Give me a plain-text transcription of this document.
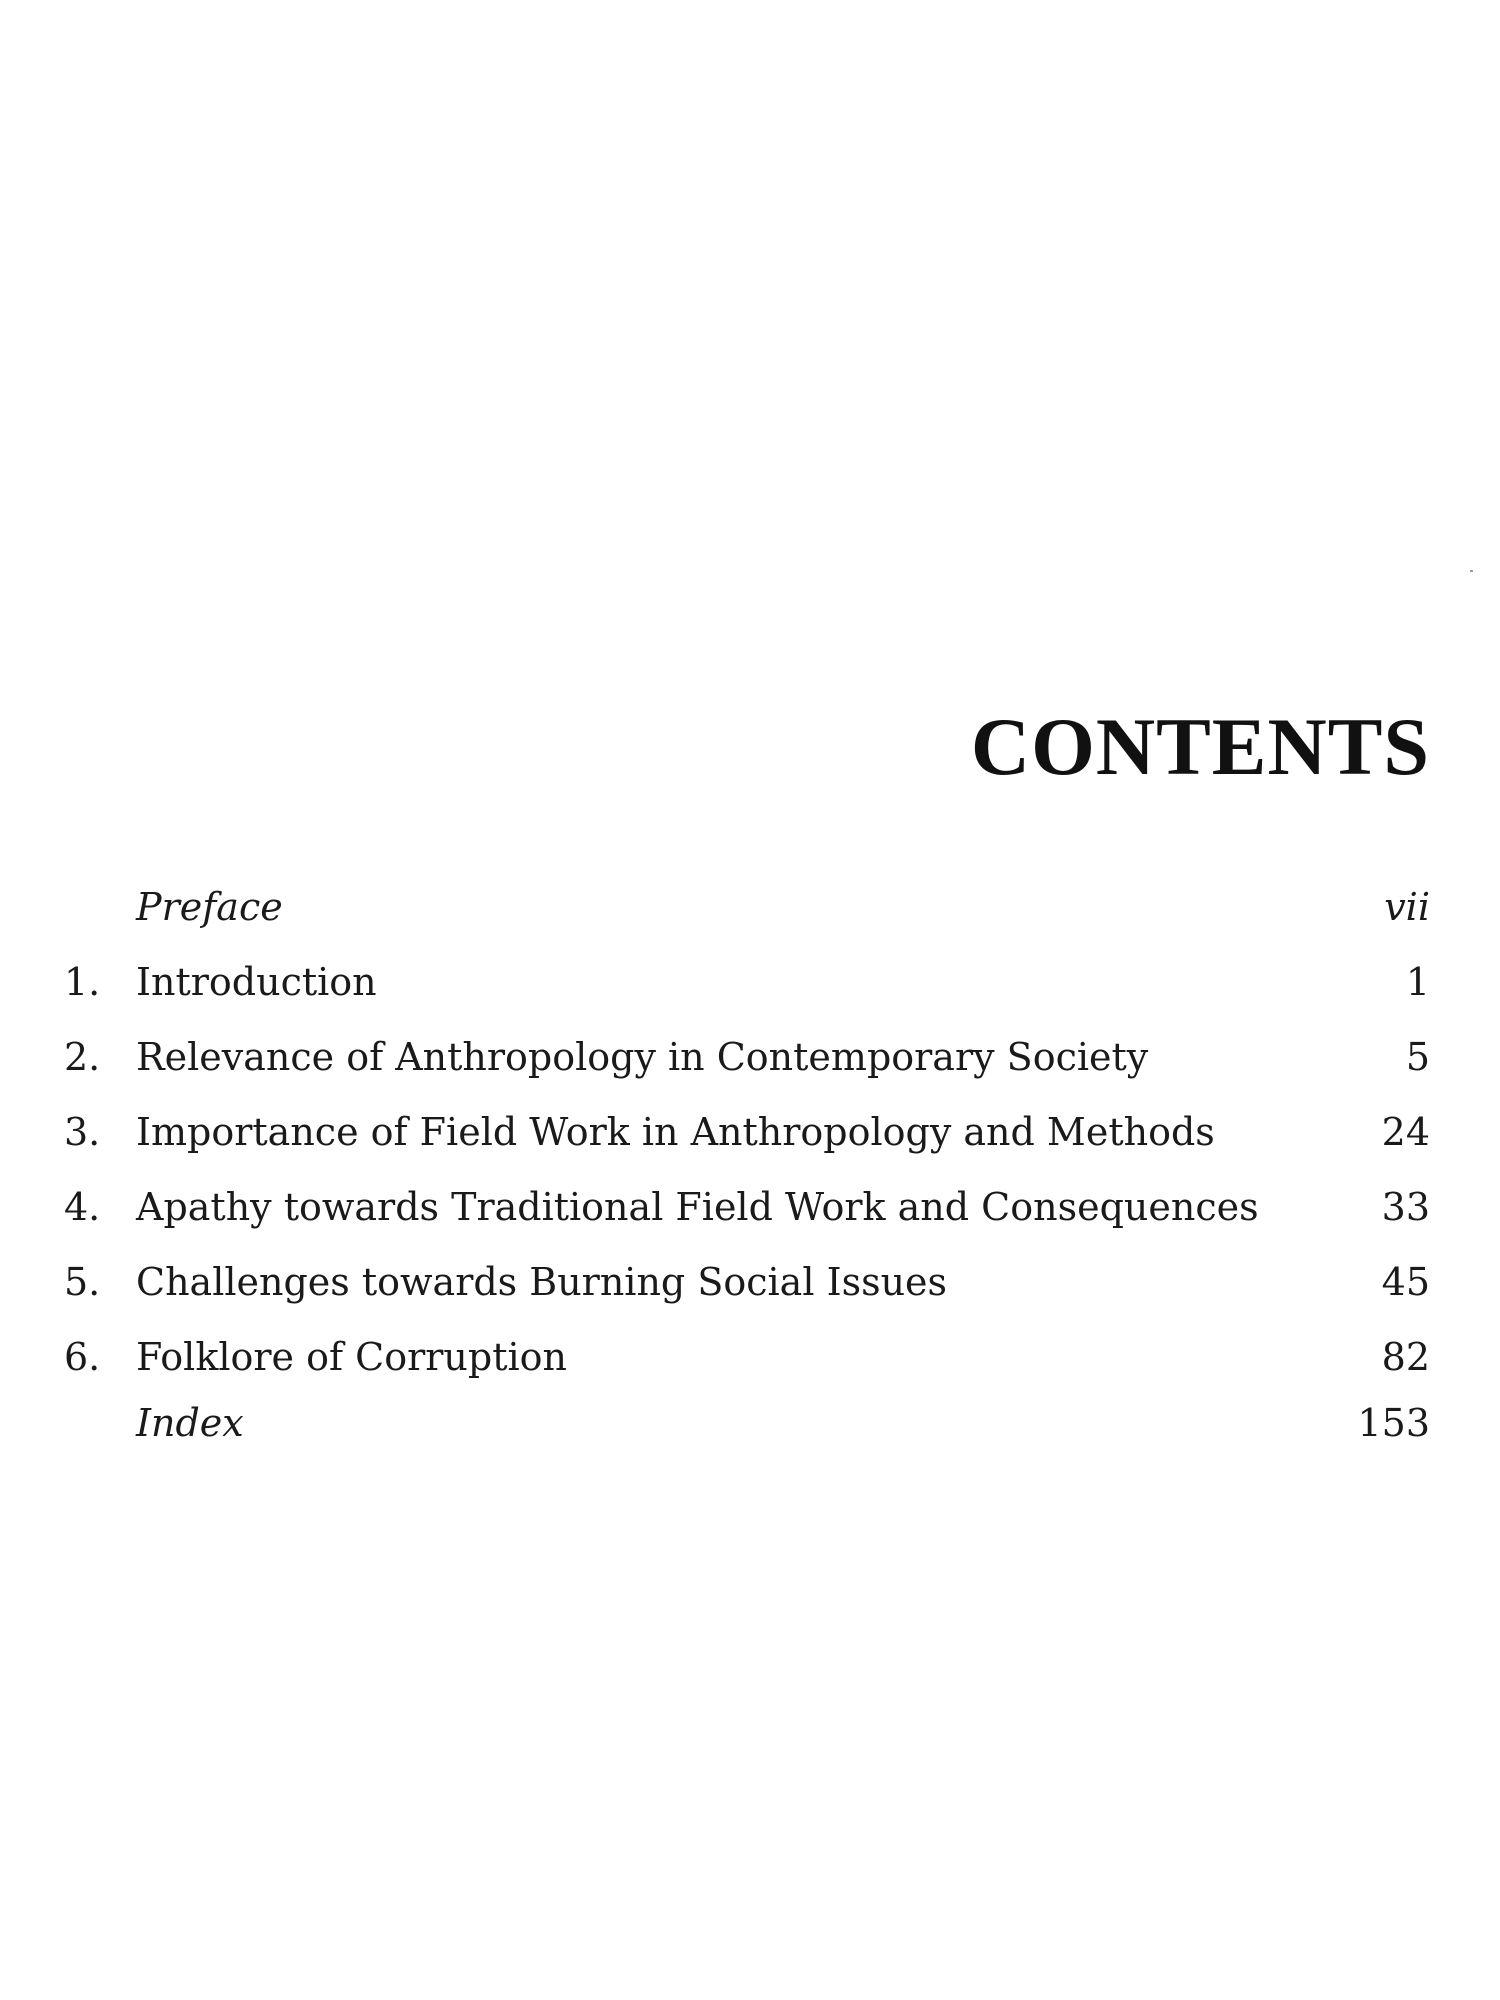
CONTENTS
Preface	vii
1. Introduction	1
2. Relevance of Anthropology in Contemporary Society	5
3. Importance of Field Work in Anthropology and Methods	24
4. Apathy towards Traditional Field Work and Consequences	33
5. Challenges towards Burning Social Issues	45
6. Folklore of Corruption	82
Index	153
